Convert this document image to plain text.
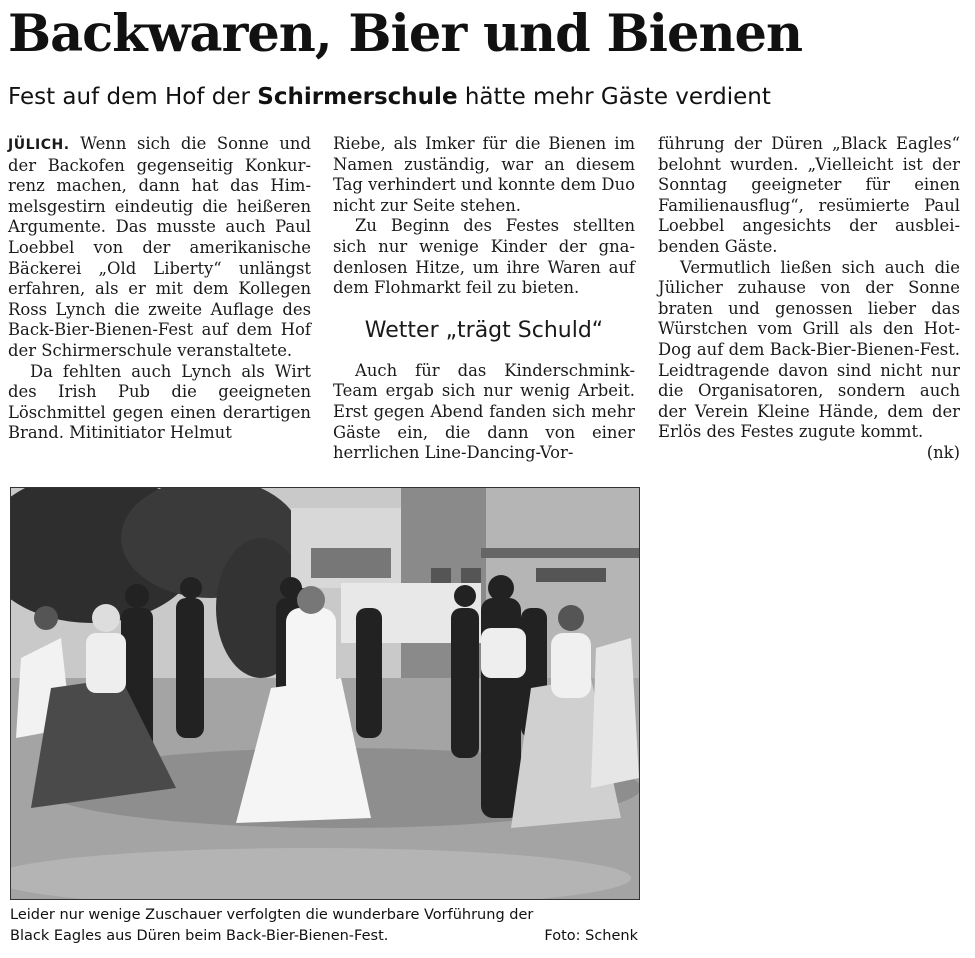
Backwaren, Bier und Bienen
Fest auf dem Hof der Schirmerschule hätte mehr Gäste verdient

JÜLICH. Wenn sich die Sonne und der Backofen gegenseitig Konkurrenz machen, dann hat das Himmelsgestirn eindeutig die heißeren Argumente. Das musste auch Paul Loebbel von der amerikanische Bäckerei „Old Liberty“ unlängst erfahren, als er mit dem Kollegen Ross Lynch die zweite Auflage des Back-Bier-Bienen-Fest auf dem Hof der Schirmerschule veranstaltete.

Da fehlten auch Lynch als Wirt des Irish Pub die geeigneten Löschmittel gegen einen derartigen Brand. Mitinitiator Helmut

Riebe, als Imker für die Bienen im Namen zuständig, war an diesem Tag verhindert und konnte dem Duo nicht zur Seite stehen.

Zu Beginn des Festes stellten sich nur wenige Kinder der gnadenlosen Hitze, um ihre Waren auf dem Flohmarkt feil zu bieten.

Wetter „trägt Schuld“

Auch für das Kinderschmink-Team ergab sich nur wenig Arbeit. Erst gegen Abend fanden sich mehr Gäste ein, die dann von einer herrlichen Line-Dancing-Vor-

führung der Düren „Black Eagles“ belohnt wurden. „Vielleicht ist der Sonntag geeigneter für einen Familienausflug“, resümierte Paul Loebbel angesichts der ausbleibenden Gäste.

Vermutlich ließen sich auch die Jülicher zuhause von der Sonne braten und genossen lieber das Würstchen vom Grill als den Hot-Dog auf dem Back-Bier-Bienen-Fest. Leidtragende davon sind nicht nur die Organisatoren, sondern auch der Verein Kleine Hände, dem der Erlös des Festes zugute kommt.
(nk)

Leider nur wenige Zuschauer verfolgten die wunderbare Vorführung der
Black Eagles aus Düren beim Back-Bier-Bienen-Fest.	Foto: Schenk
